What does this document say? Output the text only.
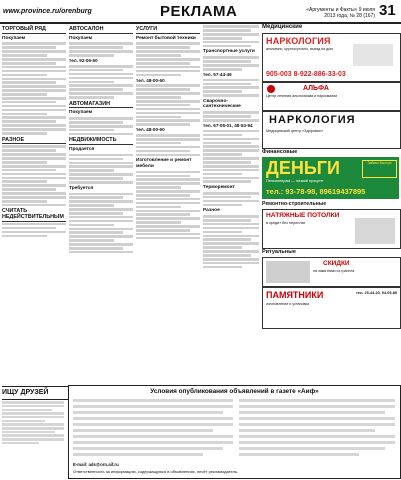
www.province.ru/orenburg	РЕКЛАМА	«Аргументы и Факты» 9 июля 2013 года, № 28 (167) 31
ТОРГОВЫЙ РЯД
Покупаем
РАЗНОЕ
СЧИТАТЬ НЕДЕЙСТВИТЕЛЬНЫМ
АВТОСАЛОН
Покупаем
тел. 92-06-50
АВТОМАГАЗИН
Покупаем
НЕДВИЖИМОСТЬ
Продается
Требуется
УСЛУГИ
Ремонт бытовой техники
тел. 48-00-60
тел. 48-00-60
Изготовление и ремонт мебели
Транспортные услуги
тел. 57-44-46
Сварочно-сантехнические
тел. 67-05-01, 48-53-94
Терморемонт
Разное
Медицинские
НАРКОЛОГИЯ
анонимно, круглосуточно, выезд на дом
905-003 8-922-886-33-03
АЛЬФА
Центр лечения алкоголизма и наркомании
НАРКОЛОГИЯ
Медицинский центр «Здоровье»
Финансовые
ДЕНЬГИ	Займы быстро
Пенсионерам — низкий процент
тел.: 93-78-98, 89619437895
Ремонтно-строительные
НАТЯЖНЫЕ ПОТОЛКИ
в кредит без переплат
Ритуальные
СКИДКИ
на памятники из гранита
ПАМЯТНИКИ	тел. 25-44-20, 94-05-89
изготовление и установка
ИЩУ ДРУЗЕЙ	Условия опубликования объявлений в газете «Аиф»
E-mail: ads@orn.aif.ru
Ответственность за информацию, содержащуюся в объявлениях, несёт рекламодатель.
